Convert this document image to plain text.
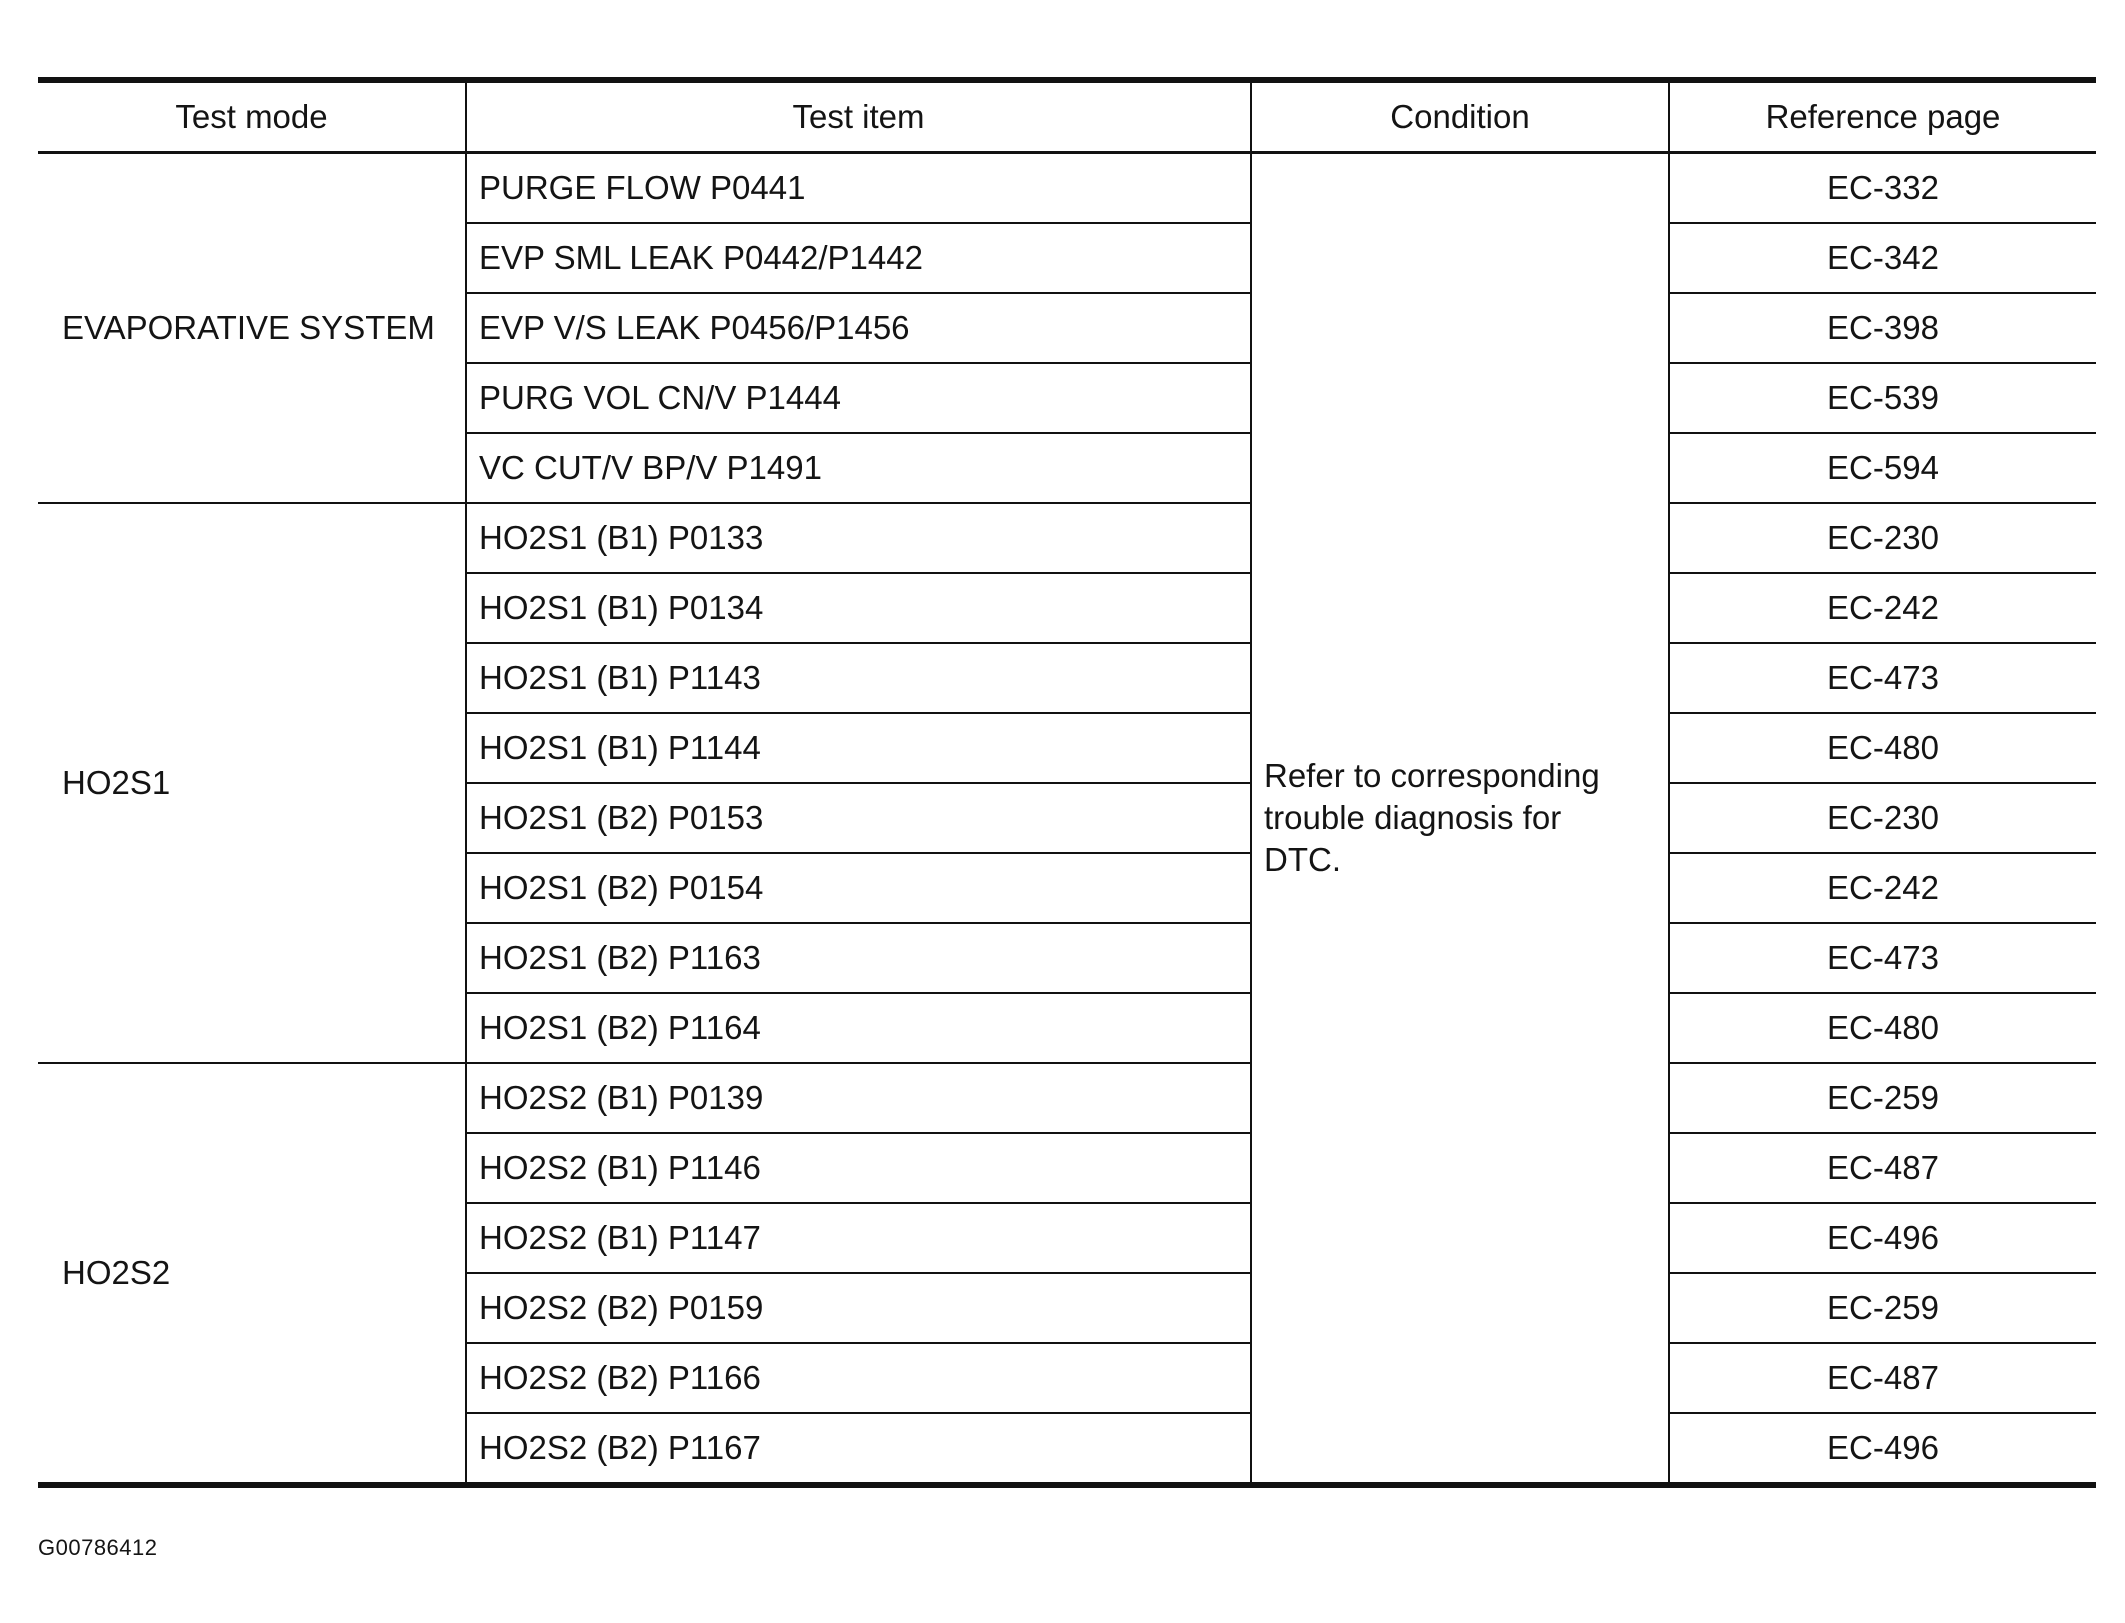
Test mode	Test item	Condition	Reference page
EVAPORATIVE SYSTEM	PURGE FLOW P0441	Refer to corresponding trouble diagnosis for DTC.	EC-332
	EVP SML LEAK P0442/P1442		EC-342
	EVP V/S LEAK P0456/P1456		EC-398
	PURG VOL CN/V P1444		EC-539
	VC CUT/V BP/V P1491		EC-594
HO2S1	HO2S1 (B1) P0133		EC-230
	HO2S1 (B1) P0134		EC-242
	HO2S1 (B1) P1143		EC-473
	HO2S1 (B1) P1144		EC-480
	HO2S1 (B2) P0153		EC-230
	HO2S1 (B2) P0154		EC-242
	HO2S1 (B2) P1163		EC-473
	HO2S1 (B2) P1164		EC-480
HO2S2	HO2S2 (B1) P0139		EC-259
	HO2S2 (B1) P1146		EC-487
	HO2S2 (B1) P1147		EC-496
	HO2S2 (B2) P0159		EC-259
	HO2S2 (B2) P1166		EC-487
	HO2S2 (B2) P1167		EC-496
G00786412
